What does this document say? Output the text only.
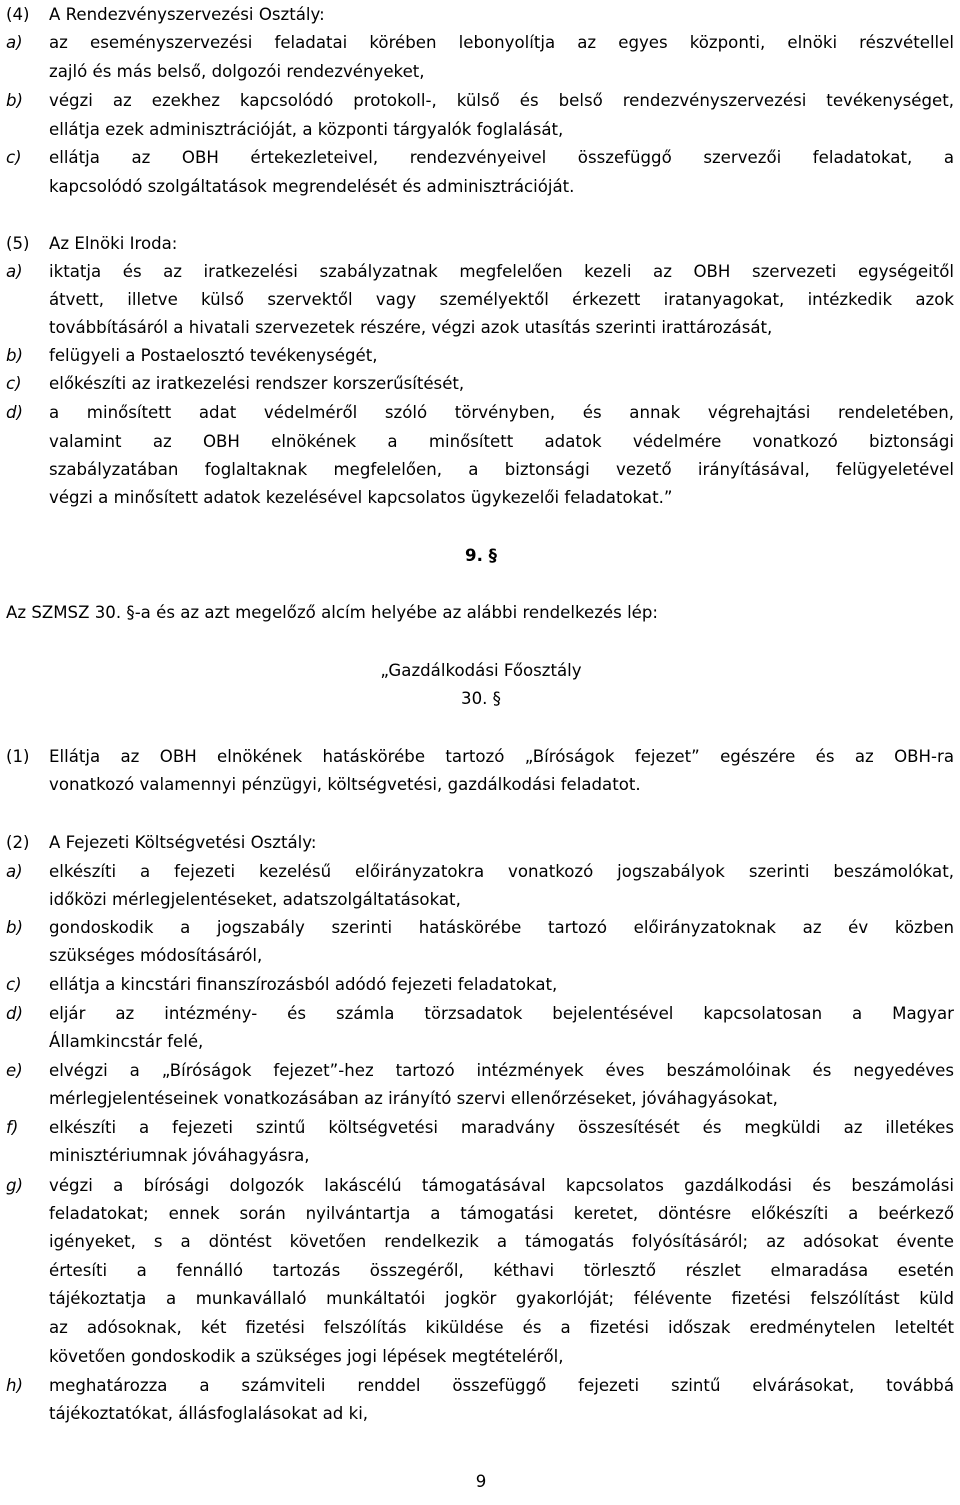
(4) A Rendezvényszervezési Osztály:
a) az eseményszervezési feladatai körében lebonyolítja az egyes központi, elnöki részvétellel
zajló és más belső, dolgozói rendezvényeket,
b) végzi az ezekhez kapcsolódó protokoll-, külső és belső rendezvényszervezési tevékenységet,
ellátja ezek adminisztrációját, a központi tárgyalók foglalását,
c) ellátja az OBH értekezleteivel, rendezvényeivel összefüggő szervezői feladatokat, a
kapcsolódó szolgáltatások megrendelését és adminisztrációját.
(5) Az Elnöki Iroda:
a) iktatja és az iratkezelési szabályzatnak megfelelően kezeli az OBH szervezeti egységeitől
átvett, illetve külső szervektől vagy személyektől érkezett iratanyagokat, intézkedik azok
továbbításáról a hivatali szervezetek részére, végzi azok utasítás szerinti irattározását,
b) felügyeli a Postaelosztó tevékenységét,
c) előkészíti az iratkezelési rendszer korszerűsítését,
d) a minősített adat védelméről szóló törvényben, és annak végrehajtási rendeletében,
valamint az OBH elnökének a minősített adatok védelmére vonatkozó biztonsági
szabályzatában foglaltaknak megfelelően, a biztonsági vezető irányításával, felügyeletével
végzi a minősített adatok kezelésével kapcsolatos ügykezelői feladatokat.”
9. §
Az SZMSZ 30. §-a és az azt megelőző alcím helyébe az alábbi rendelkezés lép:
„Gazdálkodási Főosztály
30. §
(1) Ellátja az OBH elnökének hatáskörébe tartozó „Bíróságok fejezet” egészére és az OBH-ra
vonatkozó valamennyi pénzügyi, költségvetési, gazdálkodási feladatot.
(2) A Fejezeti Költségvetési Osztály:
a) elkészíti a fejezeti kezelésű előirányzatokra vonatkozó jogszabályok szerinti beszámolókat,
időközi mérlegjelentéseket, adatszolgáltatásokat,
b) gondoskodik a jogszabály szerinti hatáskörébe tartozó előirányzatoknak az év közben
szükséges módosításáról,
c) ellátja a kincstári finanszírozásból adódó fejezeti feladatokat,
d) eljár az intézmény- és számla törzsadatok bejelentésével kapcsolatosan a Magyar
Államkincstár felé,
e) elvégzi a „Bíróságok fejezet”-hez tartozó intézmények éves beszámolóinak és negyedéves
mérlegjelentéseinek vonatkozásában az irányító szervi ellenőrzéseket, jóváhagyásokat,
f) elkészíti a fejezeti szintű költségvetési maradvány összesítését és megküldi az illetékes
minisztériumnak jóváhagyásra,
g) végzi a bírósági dolgozók lakáscélú támogatásával kapcsolatos gazdálkodási és beszámolási
feladatokat; ennek során nyilvántartja a támogatási keretet, döntésre előkészíti a beérkező
igényeket, s a döntést követően rendelkezik a támogatás folyósításáról; az adósokat évente
értesíti a fennálló tartozás összegéről, kéthavi törlesztő részlet elmaradása esetén
tájékoztatja a munkavállaló munkáltatói jogkör gyakorlóját; félévente fizetési felszólítást küld
az adósoknak, két fizetési felszólítás kiküldése és a fizetési időszak eredménytelen leteltét
követően gondoskodik a szükséges jogi lépések megtételéről,
h) meghatározza a számviteli renddel összefüggő fejezeti szintű elvárásokat, továbbá
tájékoztatókat, állásfoglalásokat ad ki,
9
